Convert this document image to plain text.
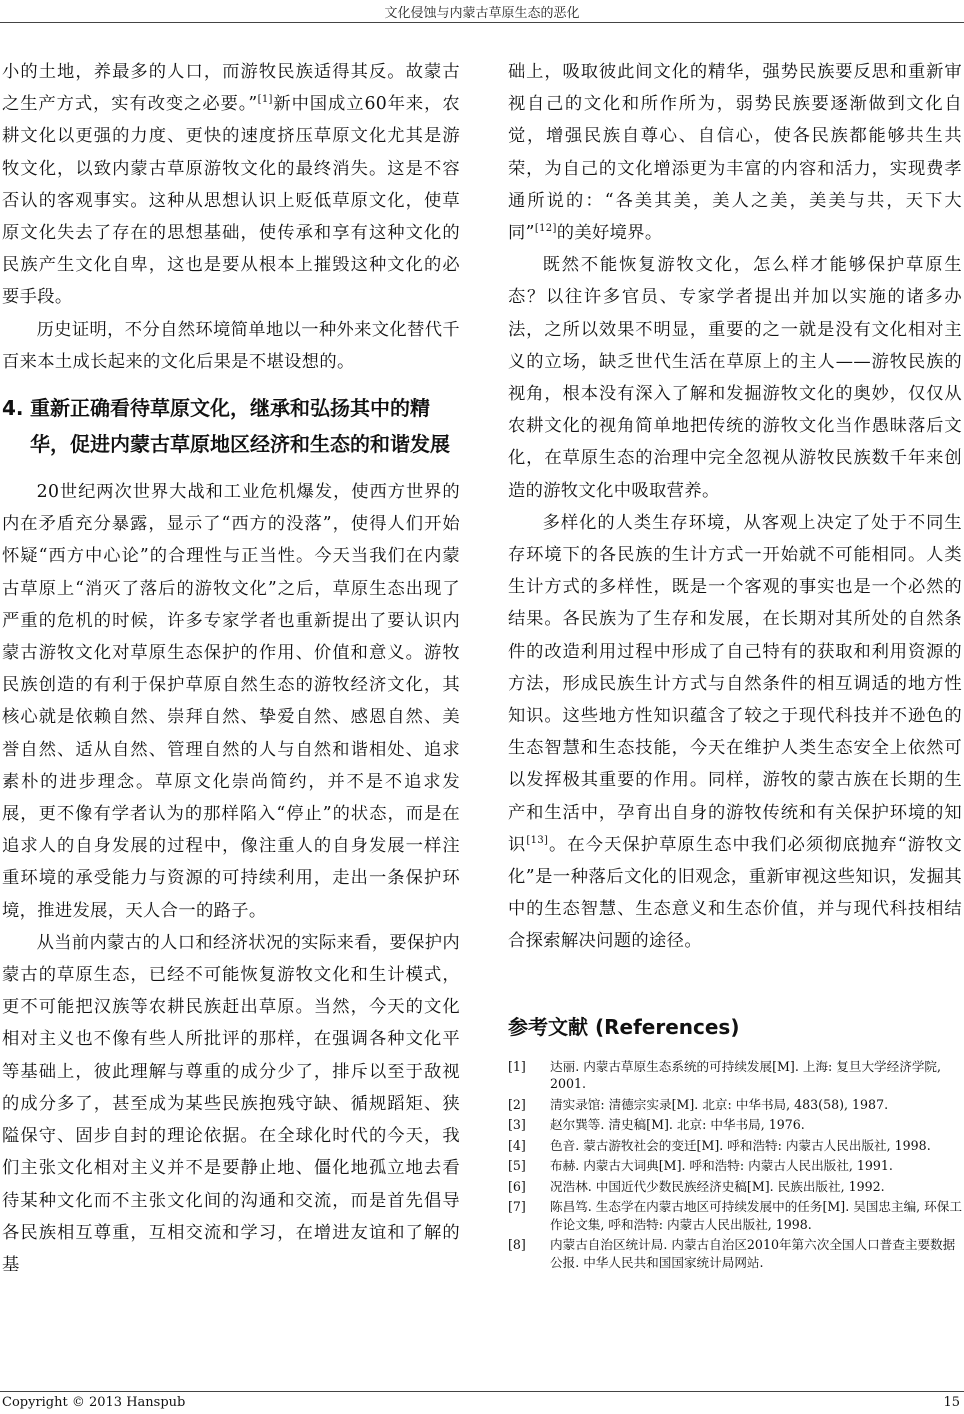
文化侵蚀与内蒙古草原生态的恶化

小的土地，养最多的人口，而游牧民族适得其反。故蒙古之生产方式，实有改变之必要。”[1]新中国成立60年来，农耕文化以更强的力度、更快的速度挤压草原文化尤其是游牧文化，以致内蒙古草原游牧文化的最终消失。这是不容否认的客观事实。这种从思想认识上贬低草原文化，使草原文化失去了存在的思想基础，使传承和享有这种文化的民族产生文化自卑，这也是要从根本上摧毁这种文化的必要手段。

历史证明，不分自然环境简单地以一种外来文化替代千百来本土成长起来的文化后果是不堪设想的。

4. 重新正确看待草原文化，继承和弘扬其中的精华，促进内蒙古草原地区经济和生态的和谐发展

20世纪两次世界大战和工业危机爆发，使西方世界的内在矛盾充分暴露，显示了“西方的没落”，使得人们开始怀疑“西方中心论”的合理性与正当性。今天当我们在内蒙古草原上“消灭了落后的游牧文化”之后，草原生态出现了严重的危机的时候，许多专家学者也重新提出了要认识内蒙古游牧文化对草原生态保护的作用、价值和意义。游牧民族创造的有利于保护草原自然生态的游牧经济文化，其核心就是依赖自然、崇拜自然、挚爱自然、感恩自然、美誉自然、适从自然、管理自然的人与自然和谐相处、追求素朴的进步理念。草原文化崇尚简约，并不是不追求发展，更不像有学者认为的那样陷入“停止”的状态，而是在追求人的自身发展的过程中，像注重人的自身发展一样注重环境的承受能力与资源的可持续利用，走出一条保护环境，推进发展，天人合一的路子。

从当前内蒙古的人口和经济状况的实际来看，要保护内蒙古的草原生态，已经不可能恢复游牧文化和生计模式，更不可能把汉族等农耕民族赶出草原。当然，今天的文化相对主义也不像有些人所批评的那样，在强调各种文化平等基础上，彼此理解与尊重的成分少了，排斥以至于敌视的成分多了，甚至成为某些民族抱残守缺、循规蹈矩、狭隘保守、固步自封的理论依据。在全球化时代的今天，我们主张文化相对主义并不是要静止地、僵化地孤立地去看待某种文化而不主张文化间的沟通和交流，而是首先倡导各民族相互尊重，互相交流和学习，在增进友谊和了解的基

础上，吸取彼此间文化的精华，强势民族要反思和重新审视自己的文化和所作所为，弱势民族要逐渐做到文化自觉，增强民族自尊心、自信心，使各民族都能够共生共荣，为自己的文化增添更为丰富的内容和活力，实现费孝通所说的：“各美其美，美人之美，美美与共，天下大同”[12]的美好境界。

既然不能恢复游牧文化，怎么样才能够保护草原生态？以往许多官员、专家学者提出并加以实施的诸多办法，之所以效果不明显，重要的之一就是没有文化相对主义的立场，缺乏世代生活在草原上的主人——游牧民族的视角，根本没有深入了解和发掘游牧文化的奥妙，仅仅从农耕文化的视角简单地把传统的游牧文化当作愚昧落后文化，在草原生态的治理中完全忽视从游牧民族数千年来创造的游牧文化中吸取营养。

多样化的人类生存环境，从客观上决定了处于不同生存环境下的各民族的生计方式一开始就不可能相同。人类生计方式的多样性，既是一个客观的事实也是一个必然的结果。各民族为了生存和发展，在长期对其所处的自然条件的改造利用过程中形成了自己特有的获取和利用资源的方法，形成民族生计方式与自然条件的相互调适的地方性知识。这些地方性知识蕴含了较之于现代科技并不逊色的生态智慧和生态技能，今天在维护人类生态安全上依然可以发挥极其重要的作用。同样，游牧的蒙古族在长期的生产和生活中，孕育出自身的游牧传统和有关保护环境的知识[13]。在今天保护草原生态中我们必须彻底抛弃“游牧文化”是一种落后文化的旧观念，重新审视这些知识，发掘其中的生态智慧、生态意义和生态价值，并与现代科技相结合探索解决问题的途径。

参考文献 (References)
[1]	达丽. 内蒙古草原生态系统的可持续发展[M]. 上海: 复旦大学经济学院, 2001.
[2]	清实录馆: 清德宗实录[M]. 北京: 中华书局, 483(58), 1987.
[3]	赵尔巽等. 清史稿[M]. 北京: 中华书局, 1976.
[4]	色音. 蒙古游牧社会的变迁[M]. 呼和浩特: 内蒙古人民出版社, 1998.
[5]	布赫. 内蒙古大词典[M]. 呼和浩特: 内蒙古人民出版社, 1991.
[6]	况浩林. 中国近代少数民族经济史稿[M]. 民族出版社, 1992.
[7]	陈昌笃. 生态学在内蒙古地区可持续发展中的任务[M]. 吴国忠主编, 环保工作论文集, 呼和浩特: 内蒙古人民出版社, 1998.
[8]	内蒙古自治区统计局. 内蒙古自治区2010年第六次全国人口普查主要数据公报. 中华人民共和国国家统计局网站.
Copyright © 2013 Hanspub	15
